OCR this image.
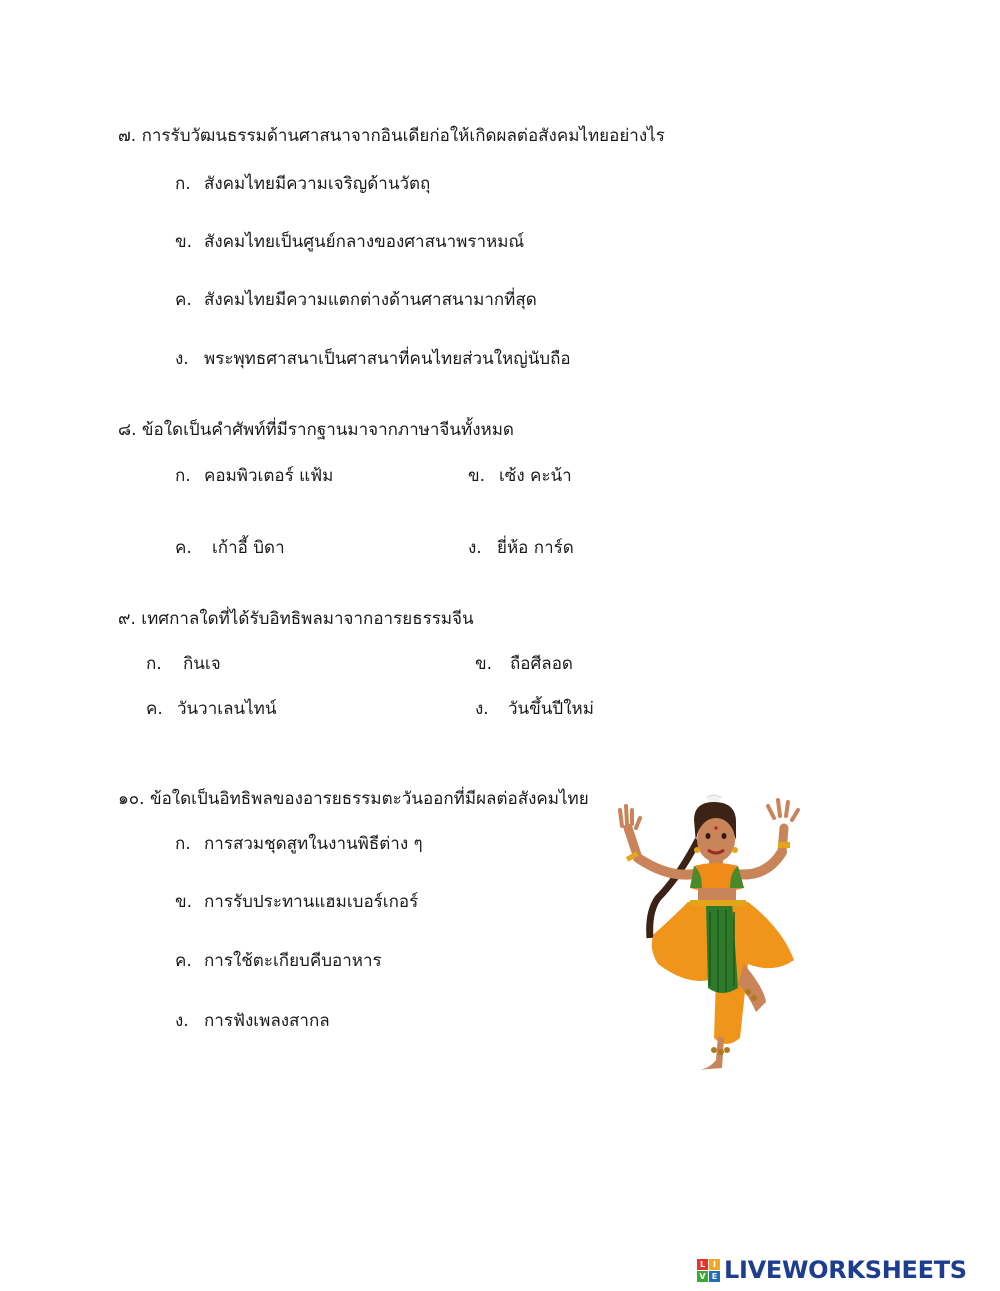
๗. การรับวัฒนธรรมด้านศาสนาจากอินเดียก่อให้เกิดผลต่อสังคมไทยอย่างไร
ก. สังคมไทยมีความเจริญด้านวัตถุ
ข. สังคมไทยเป็นศูนย์กลางของศาสนาพราหมณ์
ค. สังคมไทยมีความแตกต่างด้านศาสนามากที่สุด
ง. พระพุทธศาสนาเป็นศาสนาที่คนไทยส่วนใหญ่นับถือ
๘. ข้อใดเป็นคำศัพท์ที่มีรากฐานมาจากภาษาจีนทั้งหมด
ก. คอมพิวเตอร์ แฟ้ม	ข. เซ้ง คะน้า
ค. เก้าอี้ บิดา	ง. ยี่ห้อ การ์ด
๙. เทศกาลใดที่ได้รับอิทธิพลมาจากอารยธรรมจีน
ก. กินเจ	ข. ถือศีลอด
ค. วันวาเลนไทน์	ง. วันขึ้นปีใหม่
๑๐. ข้อใดเป็นอิทธิพลของอารยธรรมตะวันออกที่มีผลต่อสังคมไทย
ก. การสวมชุดสูทในงานพิธีต่าง ๆ
ข. การรับประทานแฮมเบอร์เกอร์
ค. การใช้ตะเกียบคีบอาหาร
ง. การฟังเพลงสากล
L I
V E LIVEWORKSHEETS
